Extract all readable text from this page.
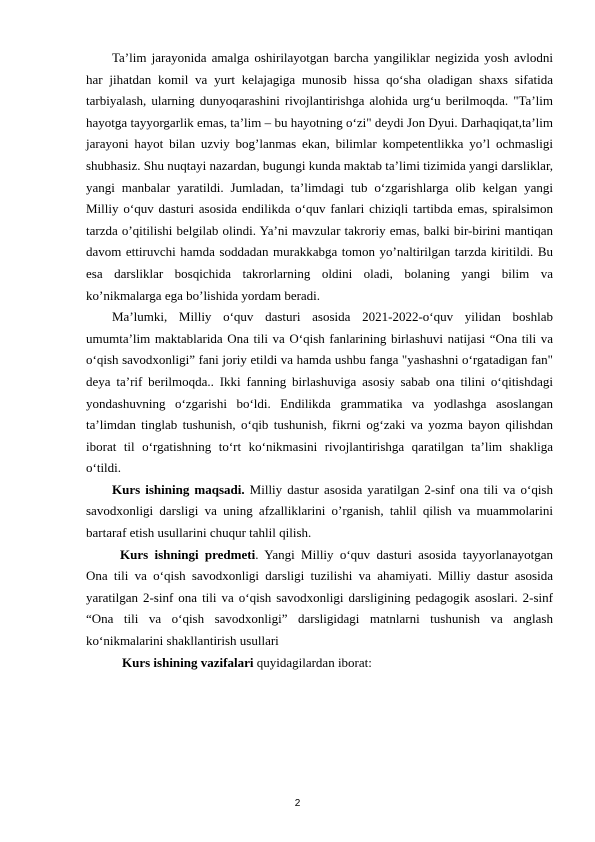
Ta’lim jarayonida amalga oshirilayotgan barcha yangiliklar negizida yosh avlodni har jihatdan komil va yurt kelajagiga munosib hissa qo‘sha oladigan shaxs sifatida tarbiyalash, ularning dunyoqarashini rivojlantirishga alohida urg‘u berilmoqda. "Ta’lim hayotga tayyorgarlik emas, ta’lim – bu hayotning o‘zi" deydi Jon Dyui. Darhaqiqat,ta’lim jarayoni hayot bilan uzviy bog’lanmas ekan, bilimlar kompetentlikka yo’l ochmasligi shubhasiz. Shu nuqtayi nazardan, bugungi kunda maktab ta’limi tizimida yangi darsliklar, yangi manbalar yaratildi. Jumladan, ta’limdagi tub o‘zgarishlarga olib kelgan yangi Milliy o‘quv dasturi asosida endilikda o‘quv fanlari chiziqli tartibda emas, spiralsimon tarzda o’qitilishi belgilab olindi. Ya’ni mavzular takroriy emas, balki bir-birini mantiqan davom ettiruvchi hamda soddadan murakkabga tomon yo’naltirilgan tarzda kiritildi. Bu esa darsliklar bosqichida takrorlarning oldini oladi, bolaning yangi bilim va ko’nikmalarga ega bo’lishida yordam beradi.

Ma’lumki, Milliy o‘quv dasturi asosida 2021-2022-o‘quv yilidan boshlab umumta’lim maktablarida Ona tili va O‘qish fanlarining birlashuvi natijasi “Ona tili va o‘qish savodxonligi” fani joriy etildi va hamda ushbu fanga "yashashni o‘rgatadigan fan" deya ta’rif berilmoqda.. Ikki fanning birlashuviga asosiy sabab ona tilini o‘qitishdagi yondashuvning o‘zgarishi bo‘ldi. Endilikda grammatika va yodlashga asoslangan ta’limdan tinglab tushunish, o‘qib tushunish, fikrni og‘zaki va yozma bayon qilishdan iborat til o‘rgatishning to‘rt ko‘nikmasini rivojlantirishga qaratilgan ta’lim shakliga o‘tildi.

Kurs ishining maqsadi. Milliy dastur asosida yaratilgan 2-sinf ona tili va o‘qish savodxonligi darsligi va uning afzalliklarini o’rganish, tahlil qilish va muammolarini bartaraf etish usullarini chuqur tahlil qilish.

Kurs ishningi predmeti. Yangi Milliy o‘quv dasturi asosida tayyorlanayotgan Ona tili va o‘qish savodxonligi darsligi tuzilishi va ahamiyati. Milliy dastur asosida yaratilgan 2-sinf ona tili va o‘qish savodxonligi darsligining pedagogik asoslari. 2-sinf “Ona tili va o‘qish savodxonligi” darsligidagi matnlarni tushunish va anglash ko‘nikmalarini shakllantirish usullari

Kurs ishining vazifalari quyidagilardan iborat:

2
